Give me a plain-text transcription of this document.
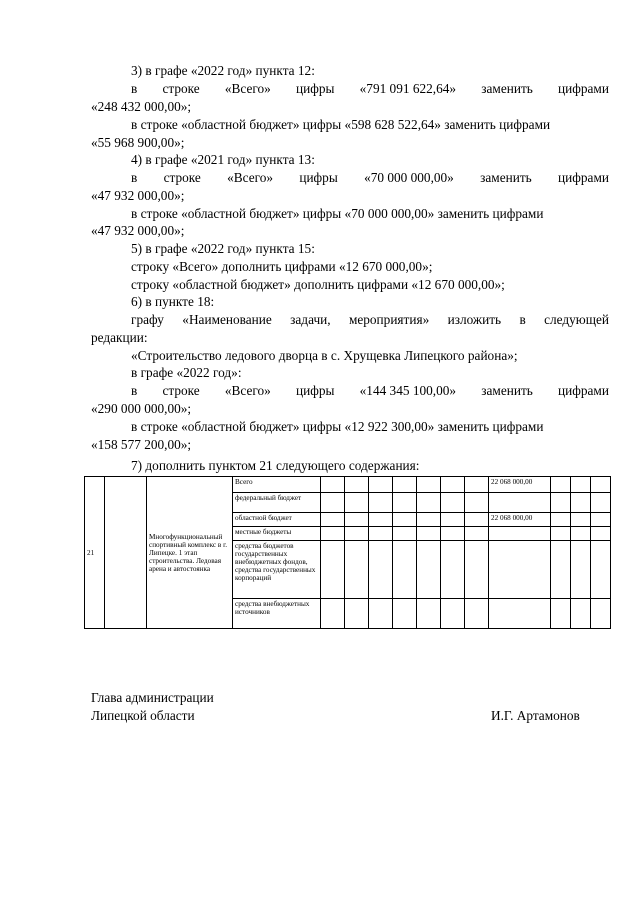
3) в графе «2022 год» пункта 12:
в строке «Всего» цифры «791 091 622,64» заменить цифрами
«248 432 000,00»;
в строке «областной бюджет» цифры «598 628 522,64» заменить цифрами
«55 968 900,00»;
4) в графе «2021 год» пункта 13:
в строке «Всего» цифры «70 000 000,00» заменить цифрами
«47 932 000,00»;
в строке «областной бюджет» цифры «70 000 000,00» заменить цифрами
«47 932 000,00»;
5) в графе «2022 год» пункта 15:
строку «Всего» дополнить цифрами «12 670 000,00»;
строку «областной бюджет» дополнить цифрами «12 670 000,00»;
6) в пункте 18:
графу «Наименование задачи, мероприятия» изложить в следующей
редакции:
«Строительство ледового дворца в с. Хрущевка Липецкого района»;
в графе «2022 год»:
в строке «Всего» цифры «144 345 100,00» заменить цифрами
«290 000 000,00»;
в строке «областной бюджет» цифры «12 922 300,00» заменить цифрами
«158 577 200,00»;
7) дополнить пунктом 21 следующего содержания:
21		Многофункциональный спортивный комплекс в г. Липецке. 1 этап строительства. Ледовая арена и автостоянка	Всего								22 068 000,00			
			федеральный бюджет											
			областной бюджет								22 068 000,00			
			местные бюджеты											
			средства бюджетов государственных внебюджетных фондов, средства государственных корпораций											
			средства внебюджетных источников											
Глава администрации
Липецкой области	И.Г. Артамонов
